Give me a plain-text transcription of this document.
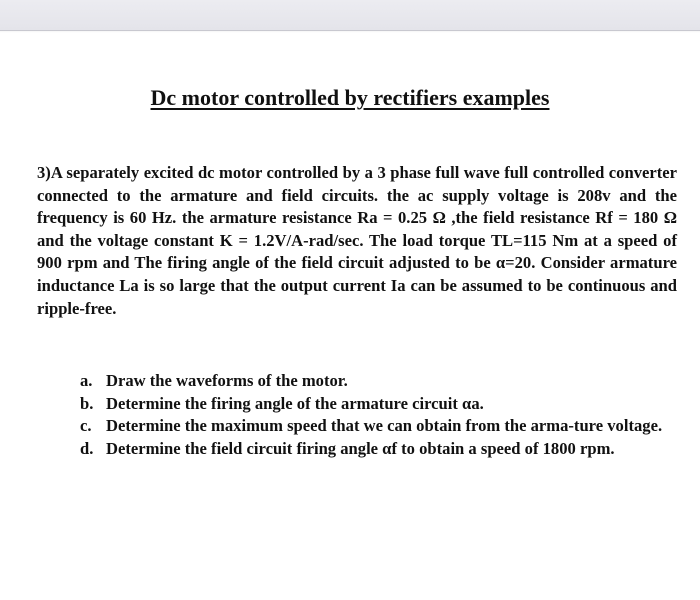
Dc motor controlled by rectifiers examples
3)A separately excited dc motor controlled by a 3 phase full wave full controlled converter connected to the armature and field circuits. the ac supply voltage is 208v and the frequency is 60 Hz. the armature resistance Ra = 0.25 Ω ,the field resistance Rf = 180 Ω and the voltage constant K = 1.2V/A-rad/sec. The load torque TL=115 Nm at a speed of 900 rpm and The firing angle of the field circuit adjusted to be α=20. Consider armature inductance La is so large that the output current Ia can be assumed to be continuous and ripple-free.
a. Draw the waveforms of the motor.
b. Determine the firing angle of the armature circuit αa.
c. Determine the maximum speed that we can obtain from the arma-ture voltage.
d. Determine the field circuit firing angle αf to obtain a speed of 1800 rpm.
